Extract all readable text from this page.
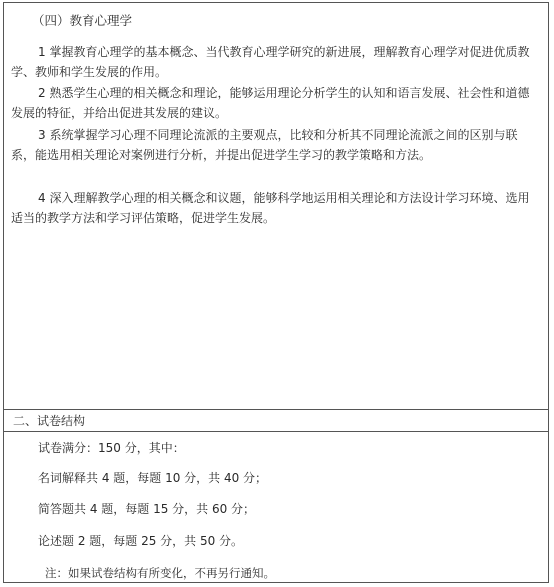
（四）教育心理学

1 掌握教育心理学的基本概念、当代教育心理学研究的新进展，理解教育心理学对促进优质教学、教师和学生发展的作用。

2 熟悉学生心理的相关概念和理论，能够运用理论分析学生的认知和语言发展、社会性和道德发展的特征，并给出促进其发展的建议。

3 系统掌握学习心理不同理论流派的主要观点，比较和分析其不同理论流派之间的区别与联系，能选用相关理论对案例进行分析，并提出促进学生学习的教学策略和方法。

4 深入理解教学心理的相关概念和议题，能够科学地运用相关理论和方法设计学习环境、选用适当的教学方法和学习评估策略，促进学生发展。

二、试卷结构
试卷满分：150 分，其中：
名词解释共 4 题，每题 10 分，共 40 分；
简答题共 4 题，每题 15 分，共 60 分；
论述题 2 题，每题 25 分，共 50 分。
注：如果试卷结构有所变化，不再另行通知。
